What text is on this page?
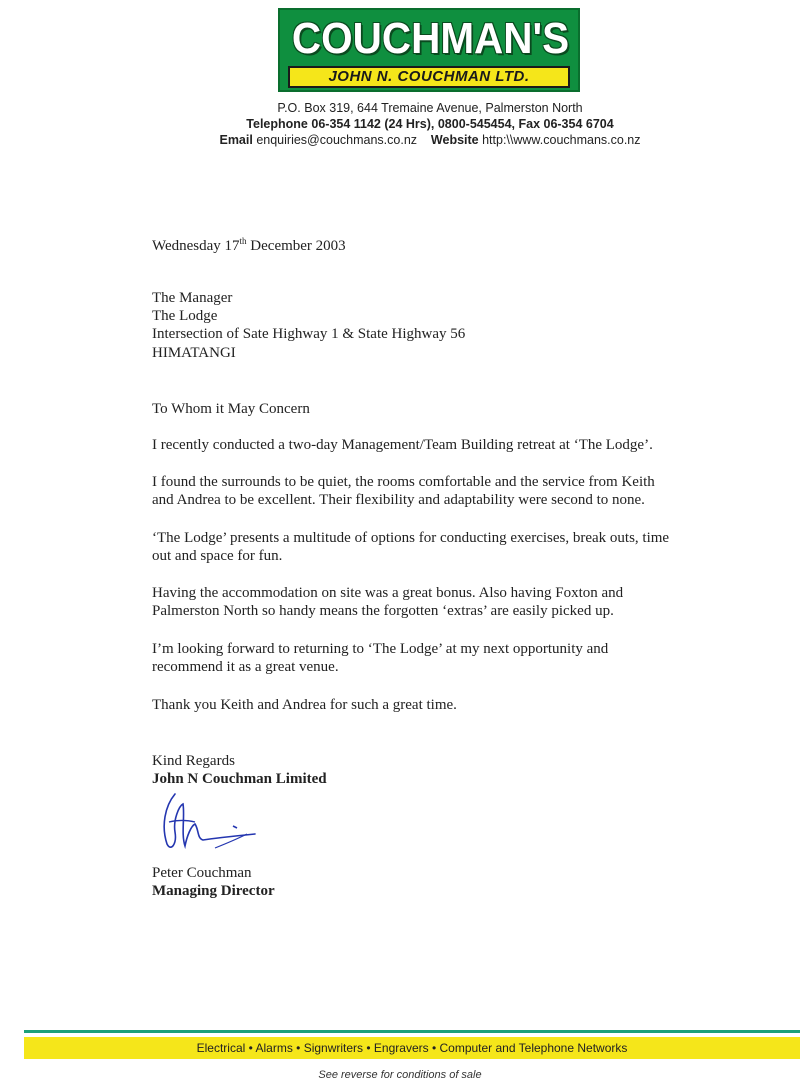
COUCHMAN'S
JOHN N. COUCHMAN LTD.
P.O. Box 319, 644 Tremaine Avenue, Palmerston North
Telephone 06-354 1142 (24 Hrs), 0800-545454, Fax 06-354 6704
Email enquiries@couchmans.co.nz Website http:\\www.couchmans.co.nz
Wednesday 17th December 2003
The Manager
The Lodge
Intersection of Sate Highway 1 & State Highway 56
HIMATANGI
To Whom it May Concern
I recently conducted a two-day Management/Team Building retreat at ‘The Lodge’.
I found the surrounds to be quiet, the rooms comfortable and the service from Keith
and Andrea to be excellent. Their flexibility and adaptability were second to none.
‘The Lodge’ presents a multitude of options for conducting exercises, break outs, time
out and space for fun.
Having the accommodation on site was a great bonus. Also having Foxton and
Palmerston North so handy means the forgotten ‘extras’ are easily picked up.
I’m looking forward to returning to ‘The Lodge’ at my next opportunity and
recommend it as a great venue.
Thank you Keith and Andrea for such a great time.
Kind Regards
John N Couchman Limited
Peter Couchman
Managing Director
Electrical • Alarms • Signwriters • Engravers • Computer and Telephone Networks
See reverse for conditions of sale
